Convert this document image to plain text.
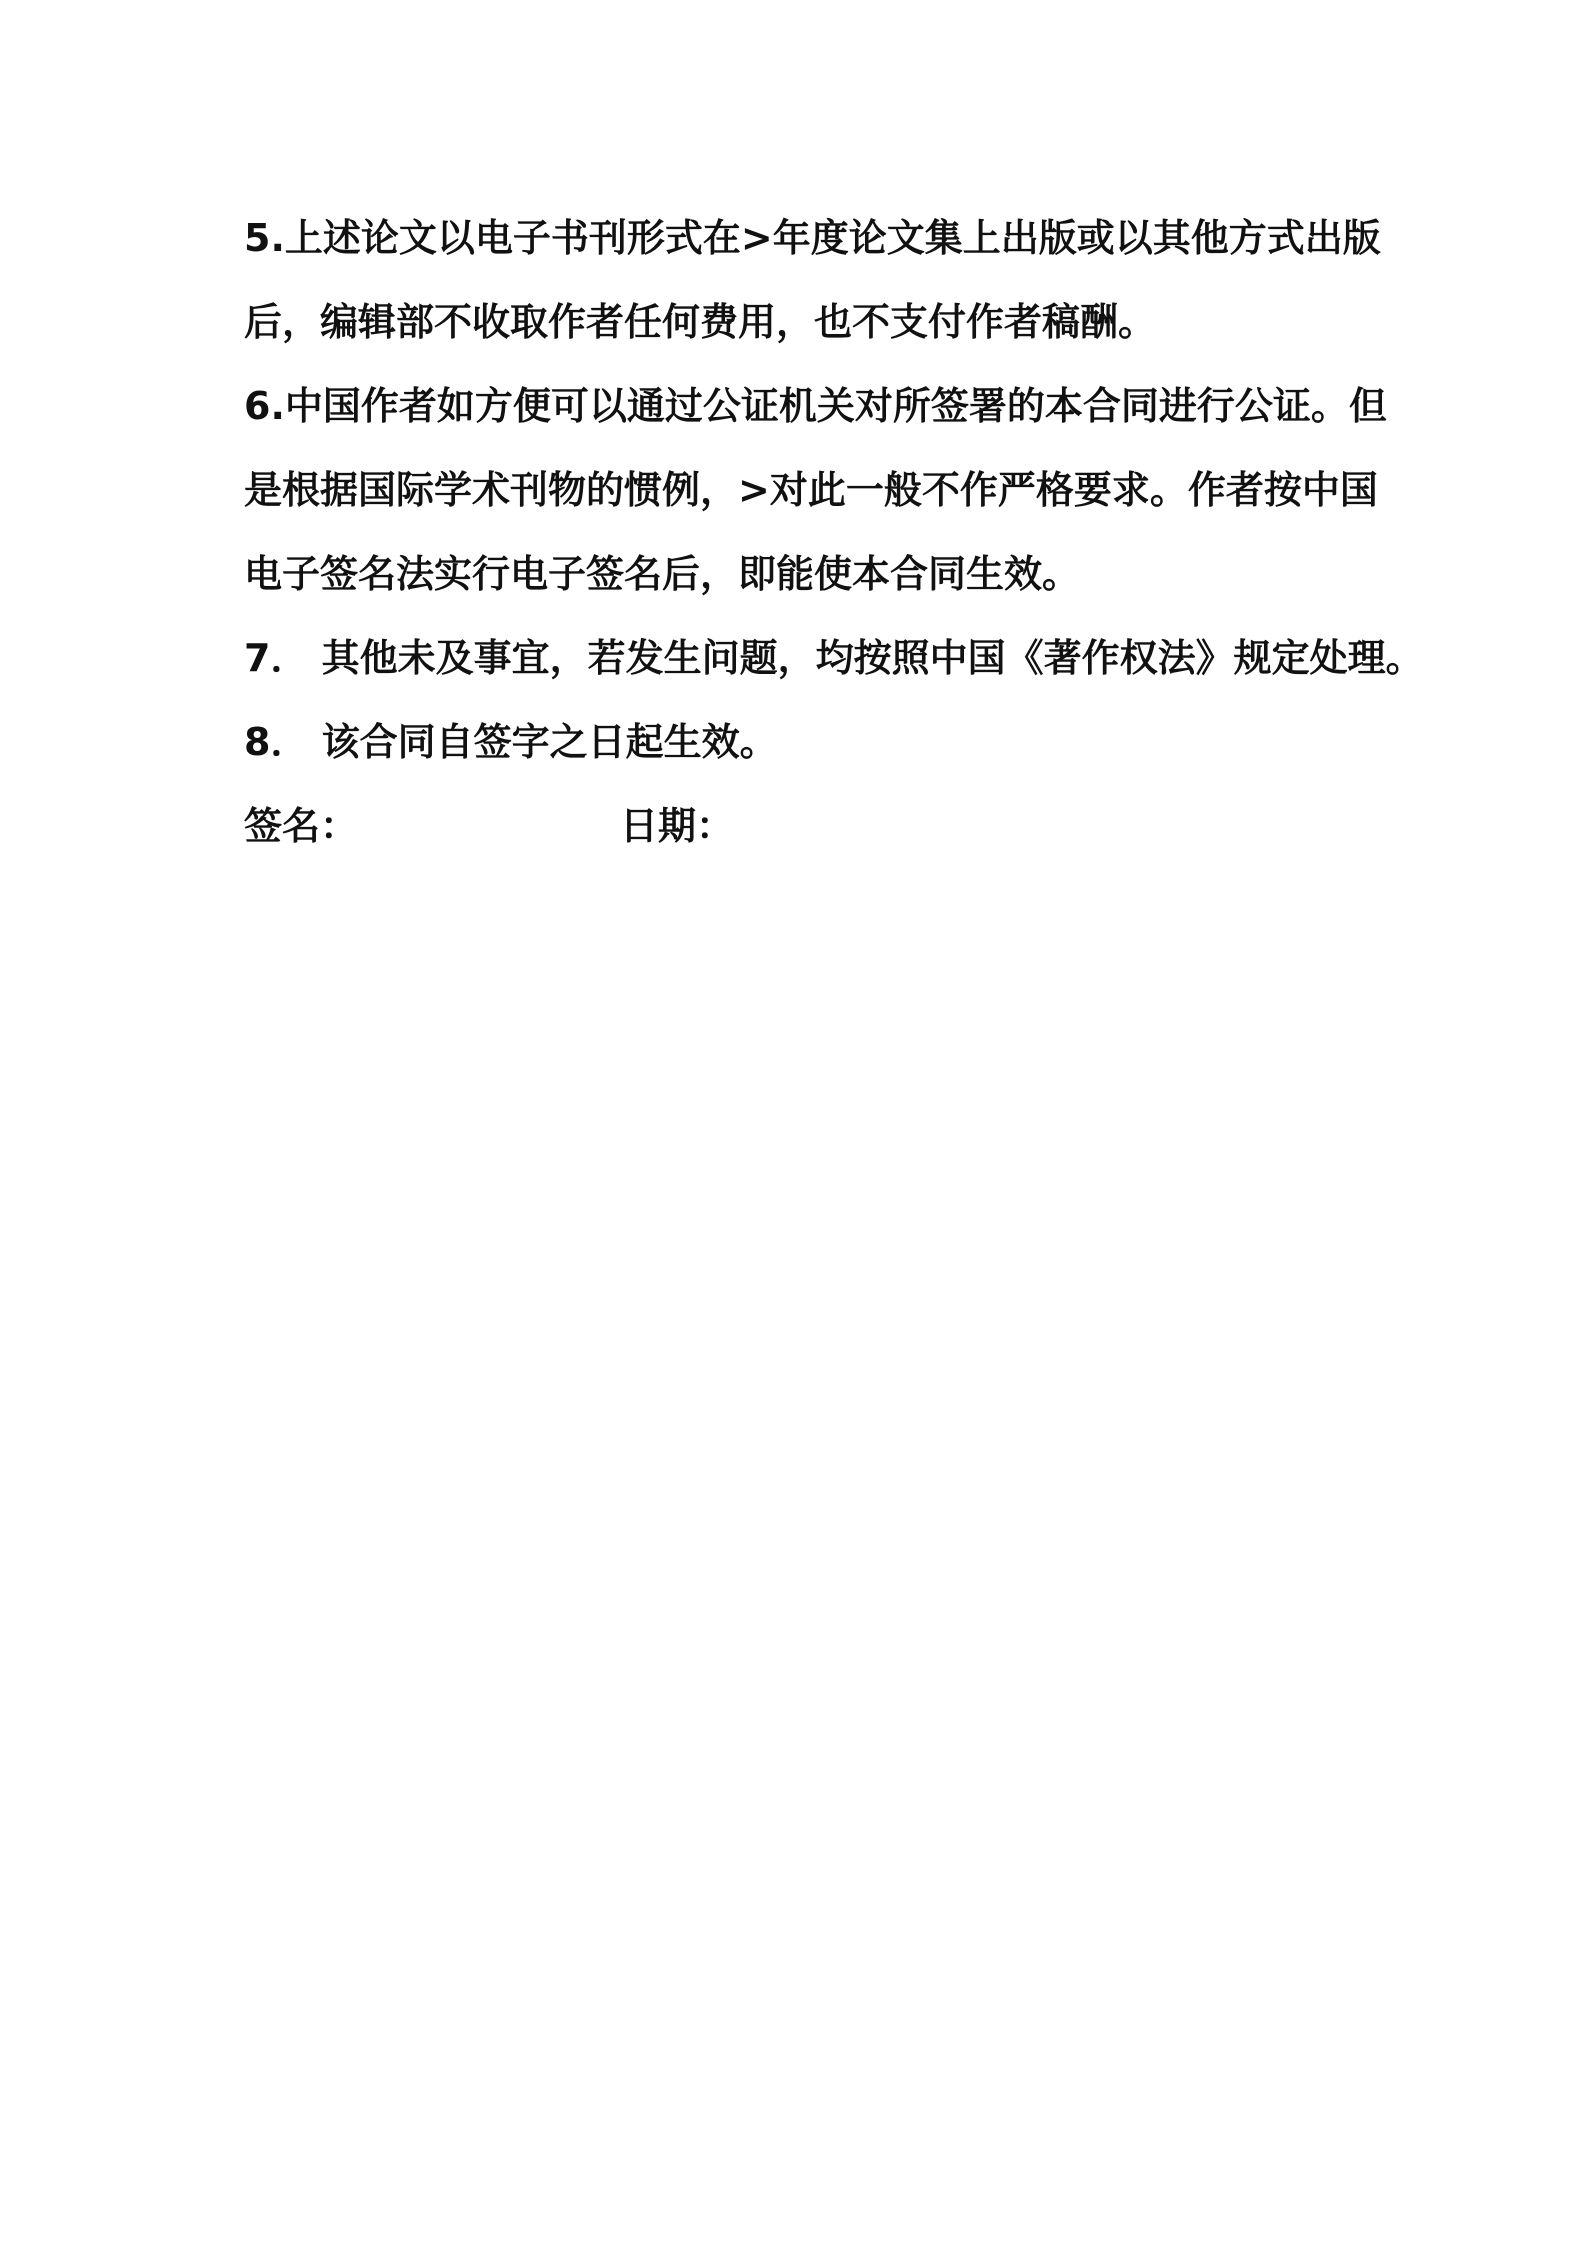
5.上述论文以电子书刊形式在>年度论文集上出版或以其他方式出版
后，编辑部不收取作者任何费用，也不支付作者稿酬。
6.中国作者如方便可以通过公证机关对所签署的本合同进行公证。但
是根据国际学术刊物的惯例，>对此一般不作严格要求。作者按中国
电子签名法实行电子签名后，即能使本合同生效。
7． 其他未及事宜，若发生问题，均按照中国《著作权法》规定处理。
8． 该合同自签字之日起生效。
签名：	日期：
